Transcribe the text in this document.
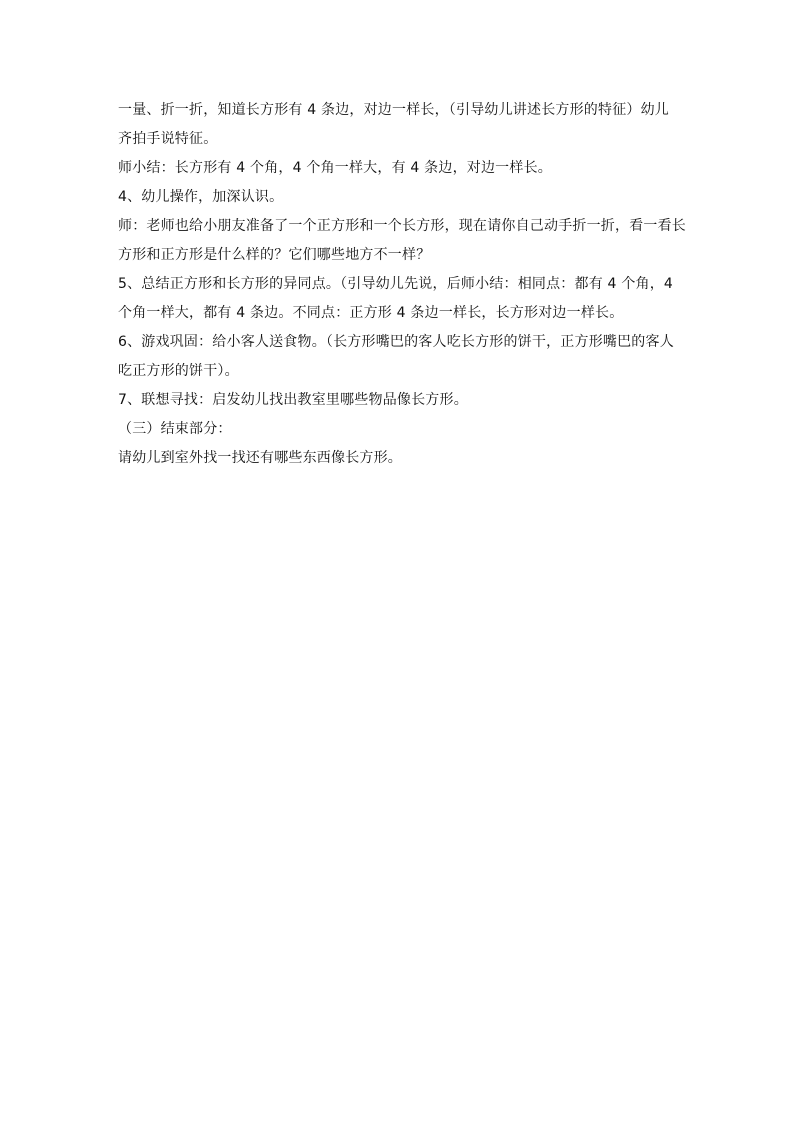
一量、折一折，知道长方形有 4 条边，对边一样长，（引导幼儿讲述长方形的特征）幼儿
齐拍手说特征。

师小结：长方形有 4 个角，4 个角一样大，有 4 条边，对边一样长。

4、幼儿操作，加深认识。

师：老师也给小朋友准备了一个正方形和一个长方形，现在请你自己动手折一折，看一看长
方形和正方形是什么样的？它们哪些地方不一样？

5、总结正方形和长方形的异同点。（引导幼儿先说，后师小结：相同点：都有 4 个角，4
个角一样大，都有 4 条边。不同点：正方形 4 条边一样长，长方形对边一样长。

6、游戏巩固：给小客人送食物。（长方形嘴巴的客人吃长方形的饼干，正方形嘴巴的客人
吃正方形的饼干）。

7、联想寻找：启发幼儿找出教室里哪些物品像长方形。

（三）结束部分：

请幼儿到室外找一找还有哪些东西像长方形。
